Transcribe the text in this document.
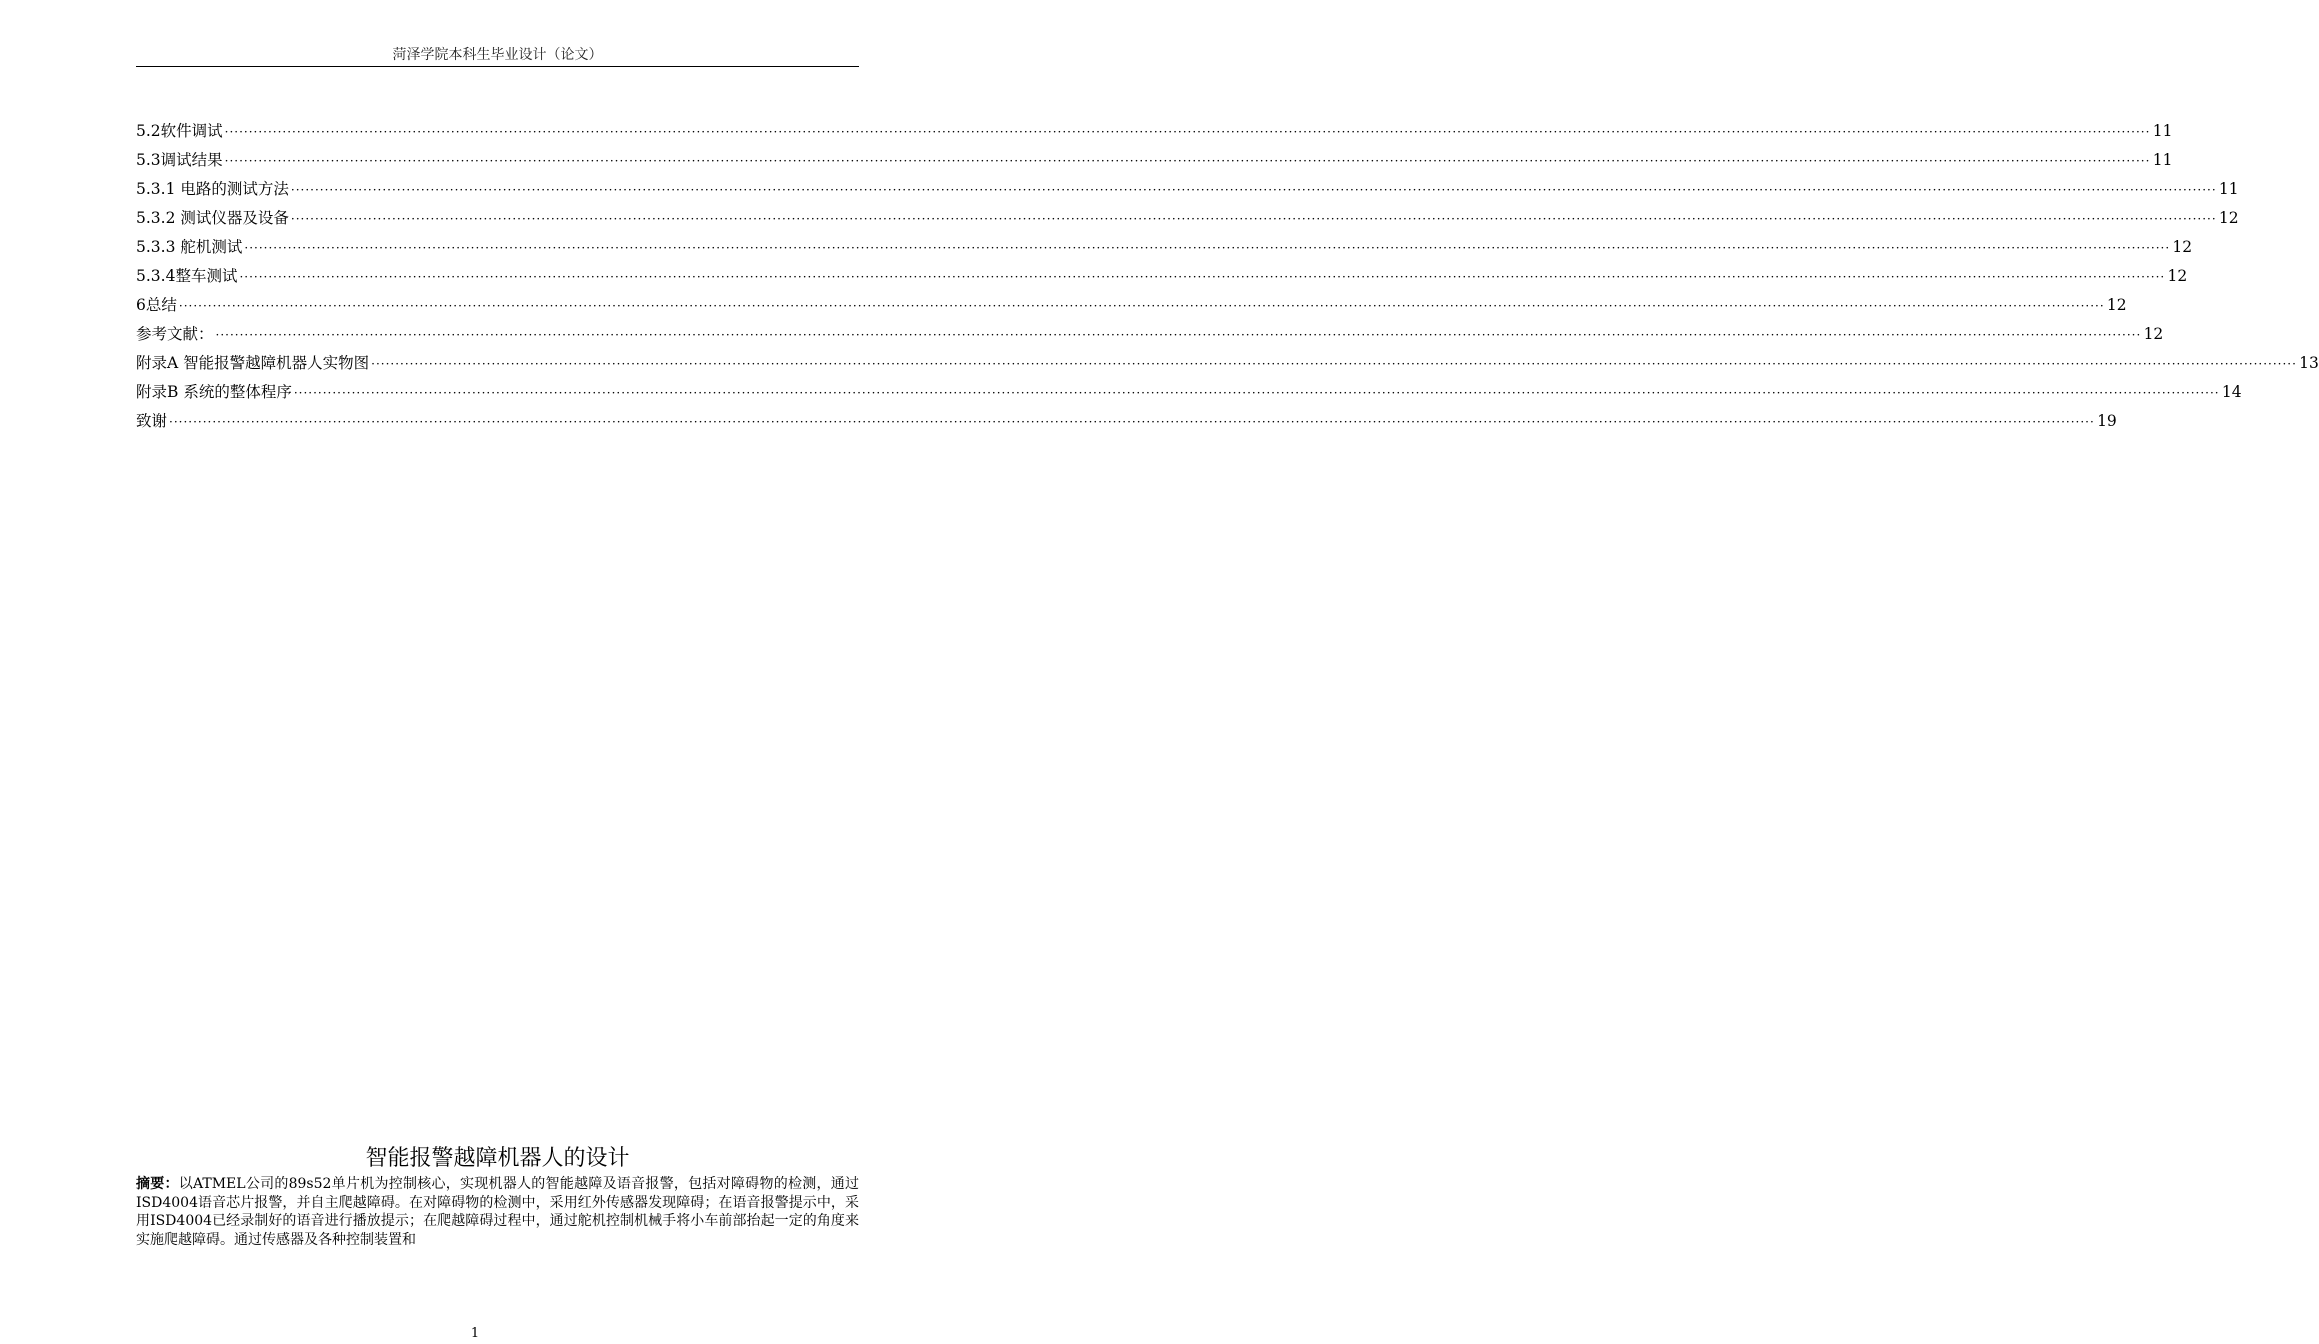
菏泽学院本科生毕业设计（论文）
5.2软件调试 ················································································································································································································································································································································································································ 11
5.3调试结果 ················································································································································································································································································································································································································ 11
5.3.1 电路的测试方法 ················································································································································································································································································································································································································ 11
5.3.2 测试仪器及设备 ················································································································································································································································································································································································································ 12
5.3.3 舵机测试 ················································································································································································································································································································································································································ 12
5.3.4整车测试 ················································································································································································································································································································································································································ 12
6总结 ················································································································································································································································································································································································································ 12
参考文献： ················································································································································································································································································································································································································ 12
附录A 智能报警越障机器人实物图 ················································································································································································································································································································································································································ 13
附录B 系统的整体程序 ················································································································································································································································································································································································································ 14
致谢 ················································································································································································································································································································································································································ 19
智能报警越障机器人的设计
摘要：以ATMEL公司的89s52单片机为控制核心，实现机器人的智能越障及语音报警，包括对障碍物的检测，通过ISD4004语音芯片报警，并自主爬越障碍。在对障碍物的检测中，采用红外传感器发现障碍；在语音报警提示中，采用ISD4004已经录制好的语音进行播放提示；在爬越障碍过程中，通过舵机控制机械手将小车前部抬起一定的角度来实施爬越障碍。通过传感器及各种控制装置和
1
